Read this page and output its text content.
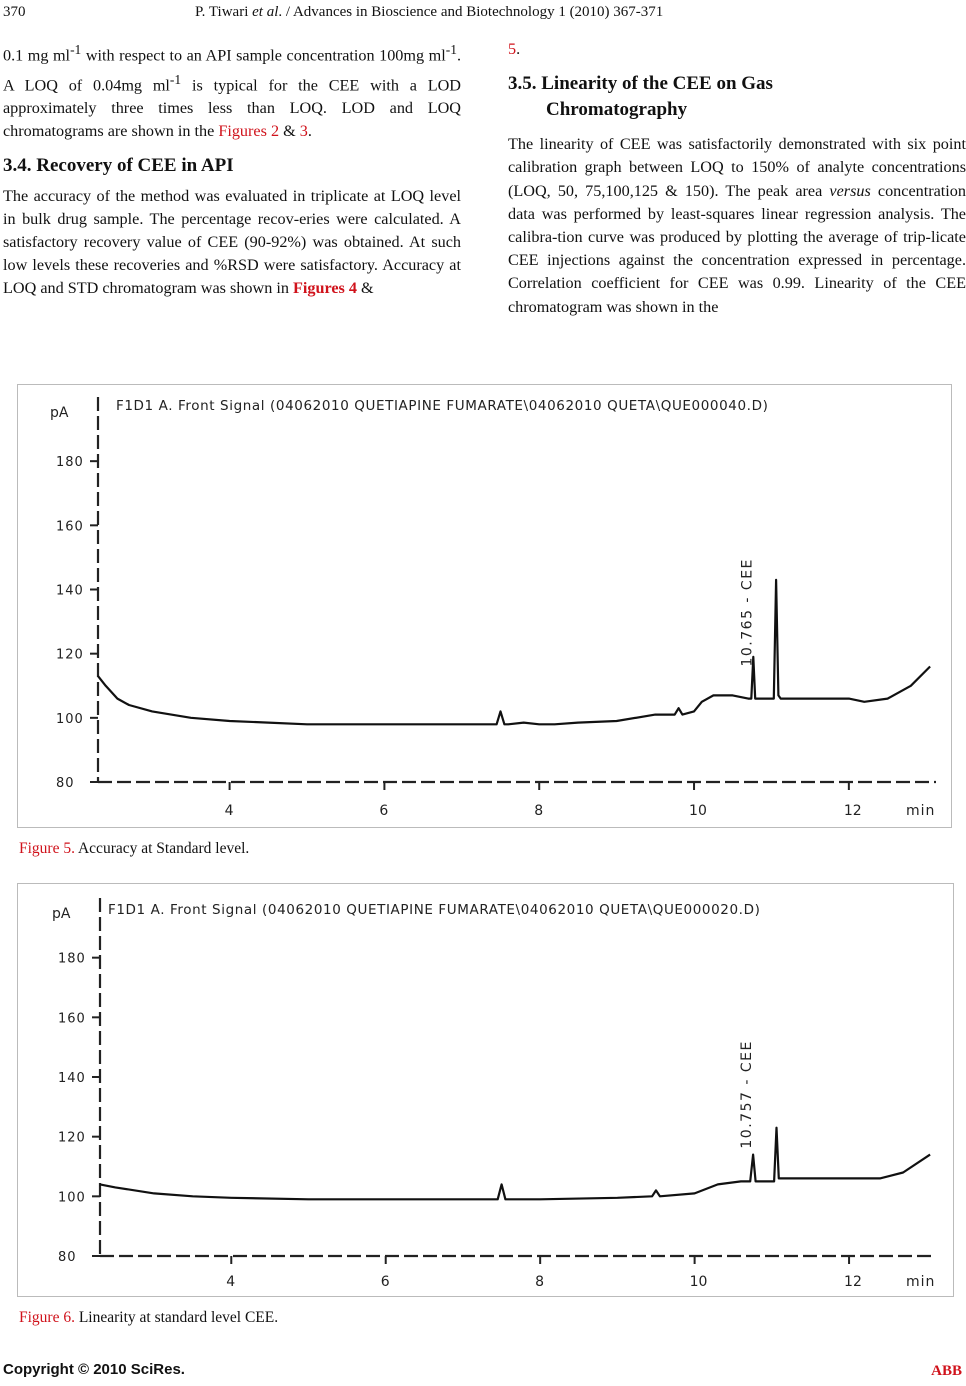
370	P. Tiwari et al. / Advances in Bioscience and Biotechnology 1 (2010) 367-371

0.1 mg $ml^{-1}$ with respect to an API sample concentration 100mg $ml^{-1}$. A LOQ of 0.04mg $ml^{-1}$ is typical for the CEE with a LOD approximately three times less than LOQ. LOD and LOQ chromatograms are shown in the Figures 2 & 3.

3.4. Recovery of CEE in API

The accuracy of the method was evaluated in triplicate at LOQ level in bulk drug sample. The percentage recov-eries were calculated. A satisfactory recovery value of CEE (90-92%) was obtained. At such low levels these recoveries and %RSD were satisfactory. Accuracy at LOQ and STD chromatogram was shown in Figures 4 &

5.

3.5. Linearity of the CEE on Gas
Chromatography

The linearity of CEE was satisfactorily demonstrated with six point calibration graph between LOQ to 150% of analyte concentrations (LOQ, 50, 75,100,125 & 150). The peak area versus concentration data was performed by least-squares linear regression analysis. The calibra-tion curve was produced by plotting the average of trip-licate CEE injections against the concentration expressed in percentage. Correlation coefficient for CEE was 0.99. Linearity of the CEE chromatogram was shown in the

80
100
120
140
160
180
pA
4	6	8	10	12	min
F1D1 A. Front Signal (04062010 QUETIAPINE FUMARATE\04062010 QUETA\QUE000040.D)
10.765 - CEE
Figure 5. Accuracy at Standard level.
80
100
120
140
160
180
pA
4	6	8	10	12	min
F1D1 A. Front Signal (04062010 QUETIAPINE FUMARATE\04062010 QUETA\QUE000020.D)
10.757 - CEE
Figure 6. Linearity at standard level CEE.
Copyright © 2010 SciRes.	ABB
